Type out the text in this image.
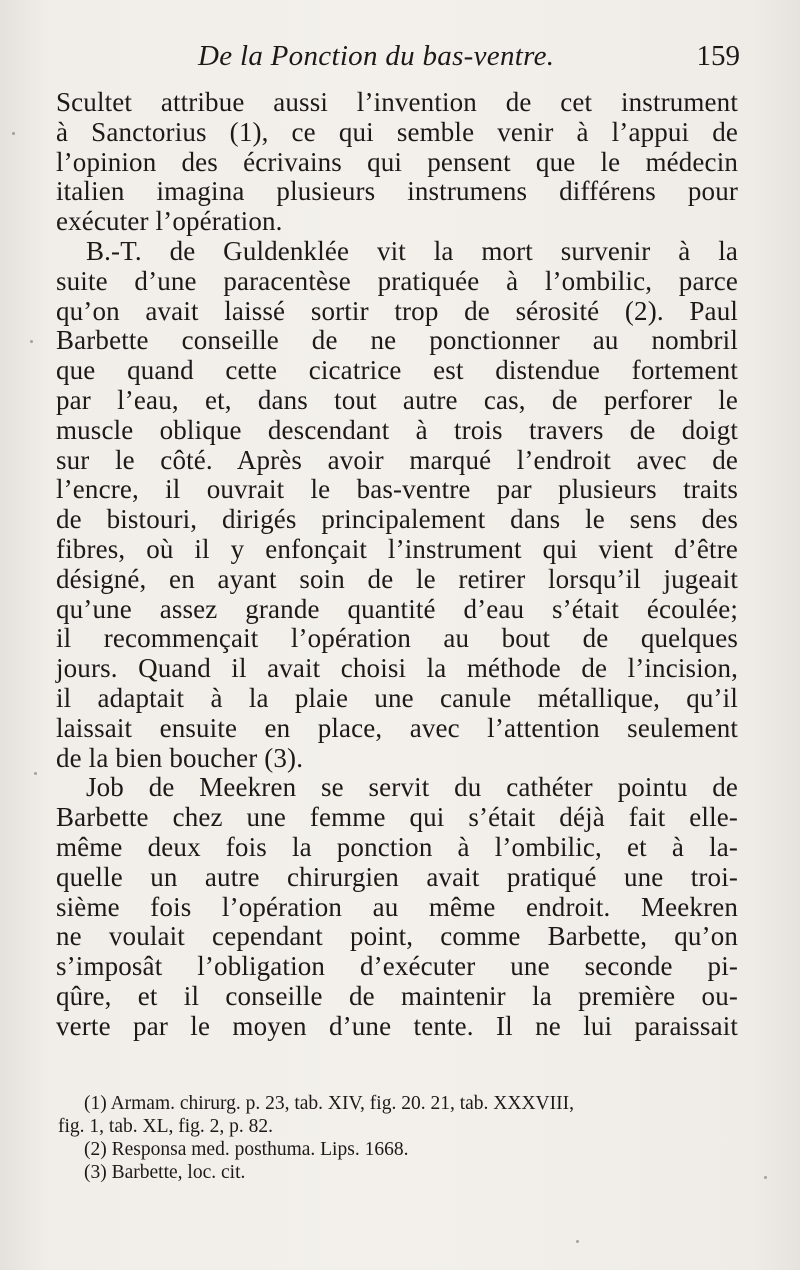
De la Ponction du bas-ventre.	159
Scultet attribue aussi l’invention de cet instrument
à Sanctorius (1), ce qui semble venir à l’appui de
l’opinion des écrivains qui pensent que le médecin
italien imagina plusieurs instrumens différens pour
exécuter l’opération.
B.-T. de Guldenklée vit la mort survenir à la
suite d’une paracentèse pratiquée à l’ombilic, parce
qu’on avait laissé sortir trop de sérosité (2). Paul
Barbette conseille de ne ponctionner au nombril
que quand cette cicatrice est distendue fortement
par l’eau, et, dans tout autre cas, de perforer le
muscle oblique descendant à trois travers de doigt
sur le côté. Après avoir marqué l’endroit avec de
l’encre, il ouvrait le bas-ventre par plusieurs traits
de bistouri, dirigés principalement dans le sens des
fibres, où il y enfonçait l’instrument qui vient d’être
désigné, en ayant soin de le retirer lorsqu’il jugeait
qu’une assez grande quantité d’eau s’était écoulée;
il recommençait l’opération au bout de quelques
jours. Quand il avait choisi la méthode de l’incision,
il adaptait à la plaie une canule métallique, qu’il
laissait ensuite en place, avec l’attention seulement
de la bien boucher (3).
Job de Meekren se servit du cathéter pointu de
Barbette chez une femme qui s’était déjà fait elle-
même deux fois la ponction à l’ombilic, et à la-
quelle un autre chirurgien avait pratiqué une troi-
sième fois l’opération au même endroit. Meekren
ne voulait cependant point, comme Barbette, qu’on
s’imposât l’obligation d’exécuter une seconde pi-
qûre, et il conseille de maintenir la première ou-
verte par le moyen d’une tente. Il ne lui paraissait
(1) Armam. chirurg. p. 23, tab. XIV, fig. 20. 21, tab. XXXVIII,
fig. 1, tab. XL, fig. 2, p. 82.
(2) Responsa med. posthuma. Lips. 1668.
(3) Barbette, loc. cit.
